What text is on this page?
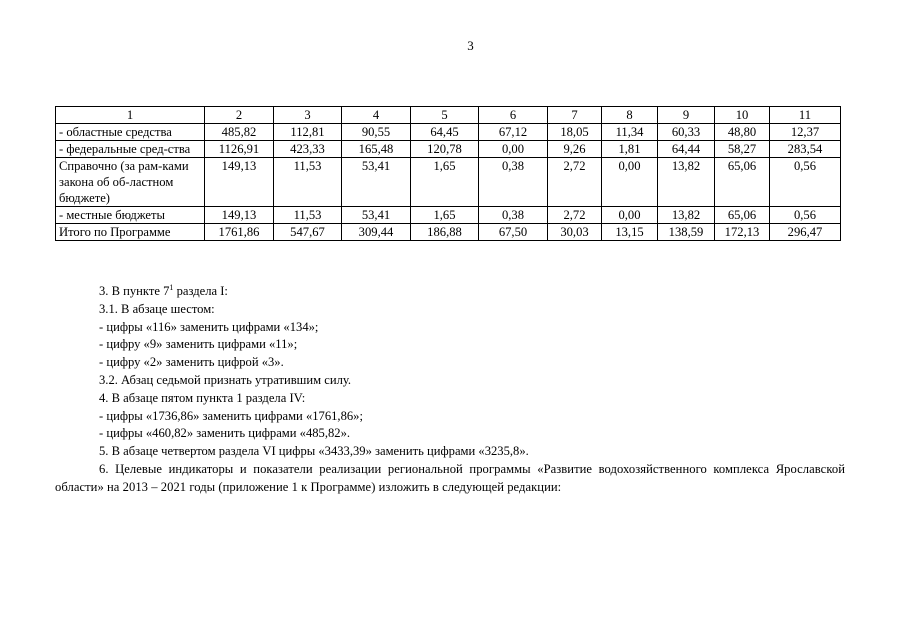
3
1	2	3	4	5	6	7	8	9	10	11
- областные средства	485,82	112,81	90,55	64,45	67,12	18,05	11,34	60,33	48,80	12,37
- федеральные сред-ства	1126,91	423,33	165,48	120,78	0,00	9,26	1,81	64,44	58,27	283,54
Справочно (за рам-ками закона об об-ластном бюджете)	149,13	11,53	53,41	1,65	0,38	2,72	0,00	13,82	65,06	0,56
- местные бюджеты	149,13	11,53	53,41	1,65	0,38	2,72	0,00	13,82	65,06	0,56
Итого по Программе	1761,86	547,67	309,44	186,88	67,50	30,03	13,15	138,59	172,13	296,47

3. В пункте $7^1$ раздела I:

3.1. В абзаце шестом:

- цифры «116» заменить цифрами «134»;

- цифру «9» заменить цифрами «11»;

- цифру «2» заменить цифрой «3».

3.2. Абзац седьмой признать утратившим силу.

4. В абзаце пятом пункта 1 раздела IV:

- цифры «1736,86» заменить цифрами «1761,86»;

- цифры «460,82» заменить цифрами «485,82».

5. В абзаце четвертом раздела VI цифры «3433,39» заменить цифрами «3235,8».

6. Целевые индикаторы и показатели реализации региональной программы «Развитие водохозяйственного комплекса Ярославской области» на 2013 – 2021 годы (приложение 1 к Программе) изложить в следующей редакции:
